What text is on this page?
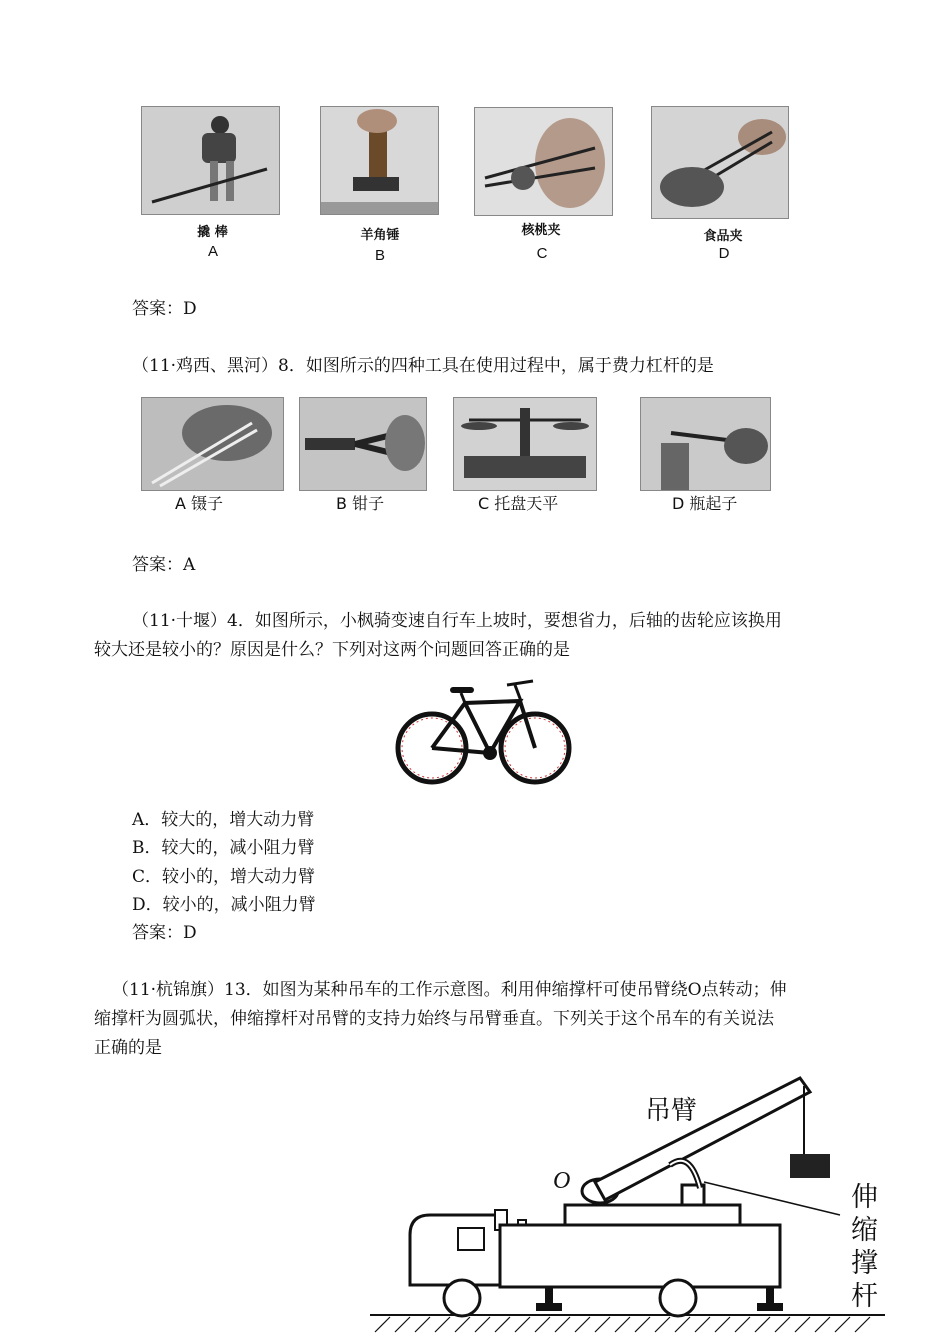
撬 棒
A
羊角锤
B
核桃夹
C
食品夹
D
答案：D
（11·鸡西、黑河）8．如图所示的四种工具在使用过程中，属于费力杠杆的是
A 镊子	B 钳子	C 托盘天平	D 瓶起子
答案：A
（11·十堰）4．如图所示，小枫骑变速自行车上坡时，要想省力，后轴的齿轮应该换用
较大还是较小的？原因是什么？下列对这两个问题回答正确的是
A．较大的，增大动力臂
B．较大的，减小阻力臂
C．较小的，增大动力臂
D．较小的，减小阻力臂
答案：D
（11·杭锦旗）13．如图为某种吊车的工作示意图。利用伸缩撑杆可使吊臂绕O点转动；伸
缩撑杆为圆弧状，伸缩撑杆对吊臂的支持力始终与吊臂垂直。下列关于这个吊车的有关说法
正确的是
吊臂
O
伸
缩
撑
杆
